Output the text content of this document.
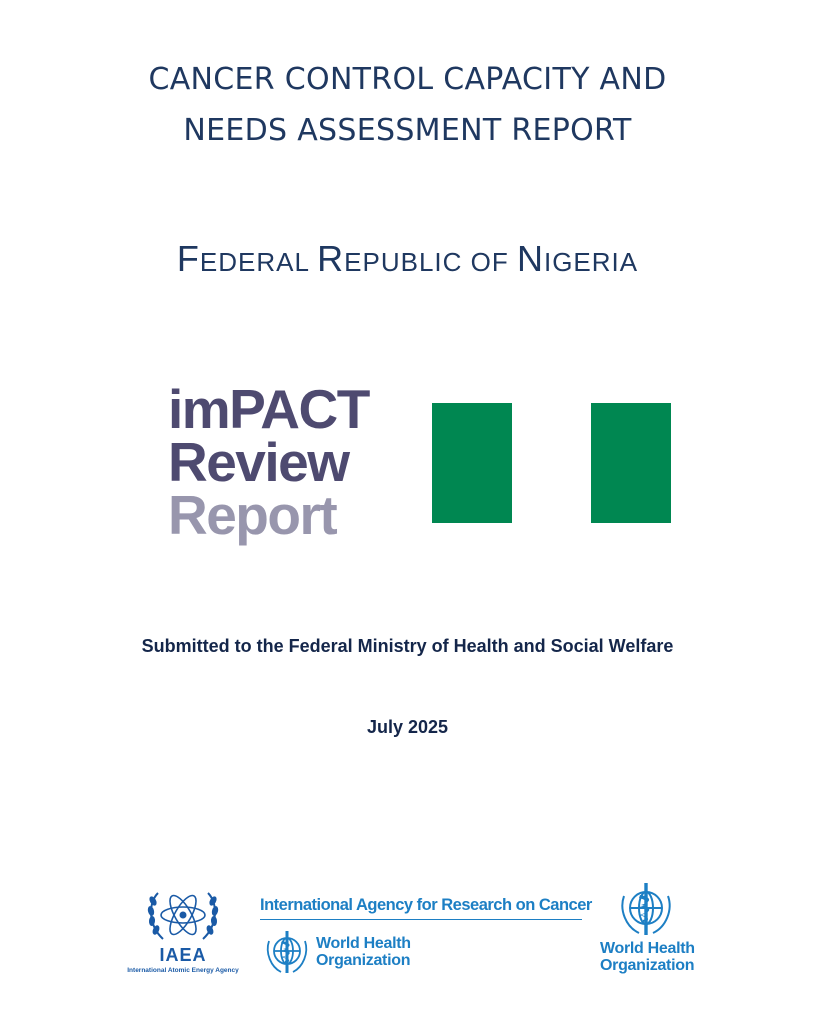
CANCER CONTROL CAPACITY AND
NEEDS ASSESSMENT REPORT
FEDERAL REPUBLIC OF NIGERIA
imPACT
Review
Report
Submitted to the Federal Ministry of Health and Social Welfare
July 2025
IAEA
International Atomic Energy Agency
International Agency for Research on Cancer
World Health
Organization
World Health
Organization
